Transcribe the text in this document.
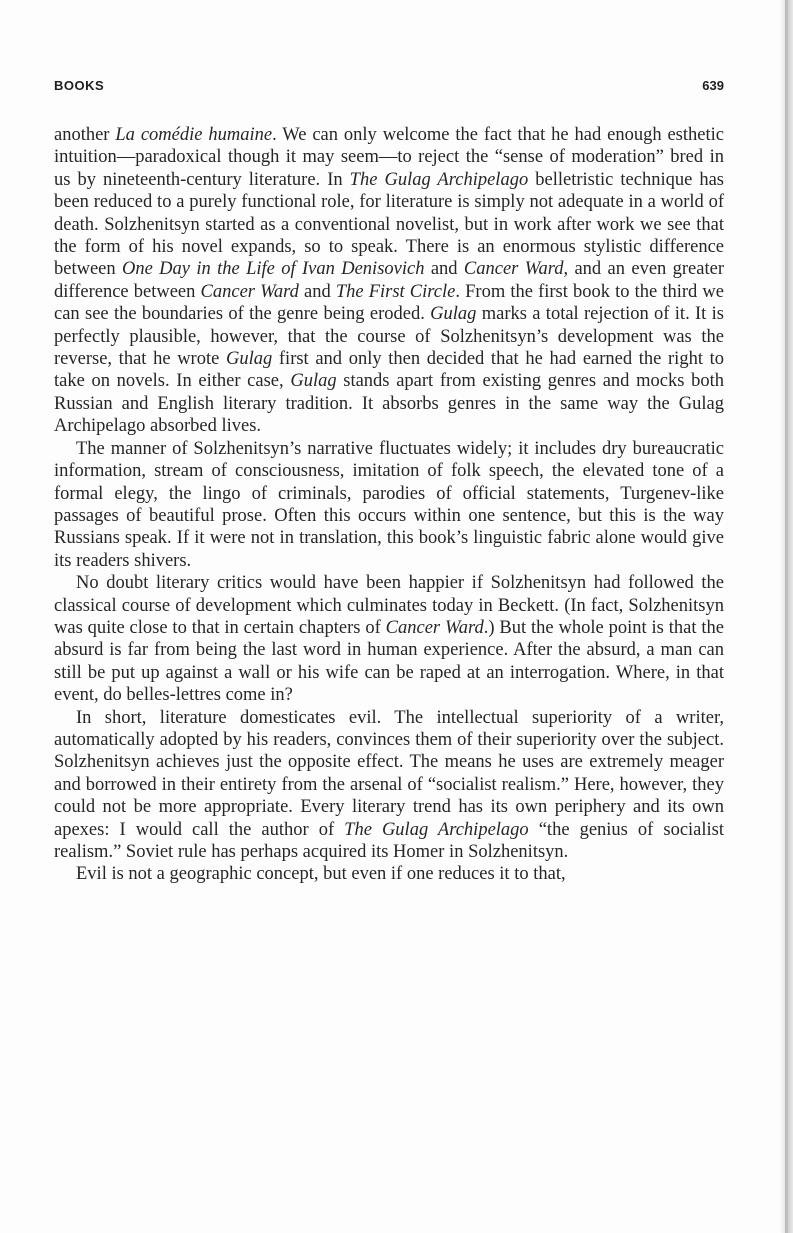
BOOKS	639

another La comédie humaine. We can only welcome the fact that he had enough esthetic intuition—paradoxical though it may seem—to reject the “sense of moderation” bred in us by nineteenth-century literature. In The Gulag Archipelago belletristic technique has been reduced to a purely functional role, for literature is simply not adequate in a world of death. Solzhenitsyn started as a conventional novelist, but in work after work we see that the form of his novel expands, so to speak. There is an enormous stylistic difference between One Day in the Life of Ivan Denisovich and Cancer Ward, and an even greater difference between Cancer Ward and The First Circle. From the first book to the third we can see the boundaries of the genre being eroded. Gulag marks a total rejection of it. It is perfectly plausible, however, that the course of Solzhenitsyn’s development was the reverse, that he wrote Gulag first and only then decided that he had earned the right to take on novels. In either case, Gulag stands apart from existing genres and mocks both Russian and English literary tradition. It absorbs genres in the same way the Gulag Archipelago absorbed lives.

The manner of Solzhenitsyn’s narrative fluctuates widely; it includes dry bureaucratic information, stream of consciousness, imitation of folk speech, the elevated tone of a formal elegy, the lingo of criminals, parodies of official statements, Turgenev-like passages of beautiful prose. Often this occurs within one sentence, but this is the way Russians speak. If it were not in translation, this book’s linguistic fabric alone would give its readers shivers.

No doubt literary critics would have been happier if Solzhenitsyn had followed the classical course of development which culminates today in Beckett. (In fact, Solzhenitsyn was quite close to that in certain chapters of Cancer Ward.) But the whole point is that the absurd is far from being the last word in human experience. After the absurd, a man can still be put up against a wall or his wife can be raped at an interrogation. Where, in that event, do belles-lettres come in?

In short, literature domesticates evil. The intellectual superiority of a writer, automatically adopted by his readers, convinces them of their superiority over the subject. Solzhenitsyn achieves just the opposite effect. The means he uses are extremely meager and borrowed in their entirety from the arsenal of “socialist realism.” Here, however, they could not be more appropriate. Every literary trend has its own periphery and its own apexes: I would call the author of The Gulag Archipelago “the genius of socialist realism.” Soviet rule has perhaps acquired its Homer in Solzhenitsyn.

Evil is not a geographic concept, but even if one reduces it to that,
